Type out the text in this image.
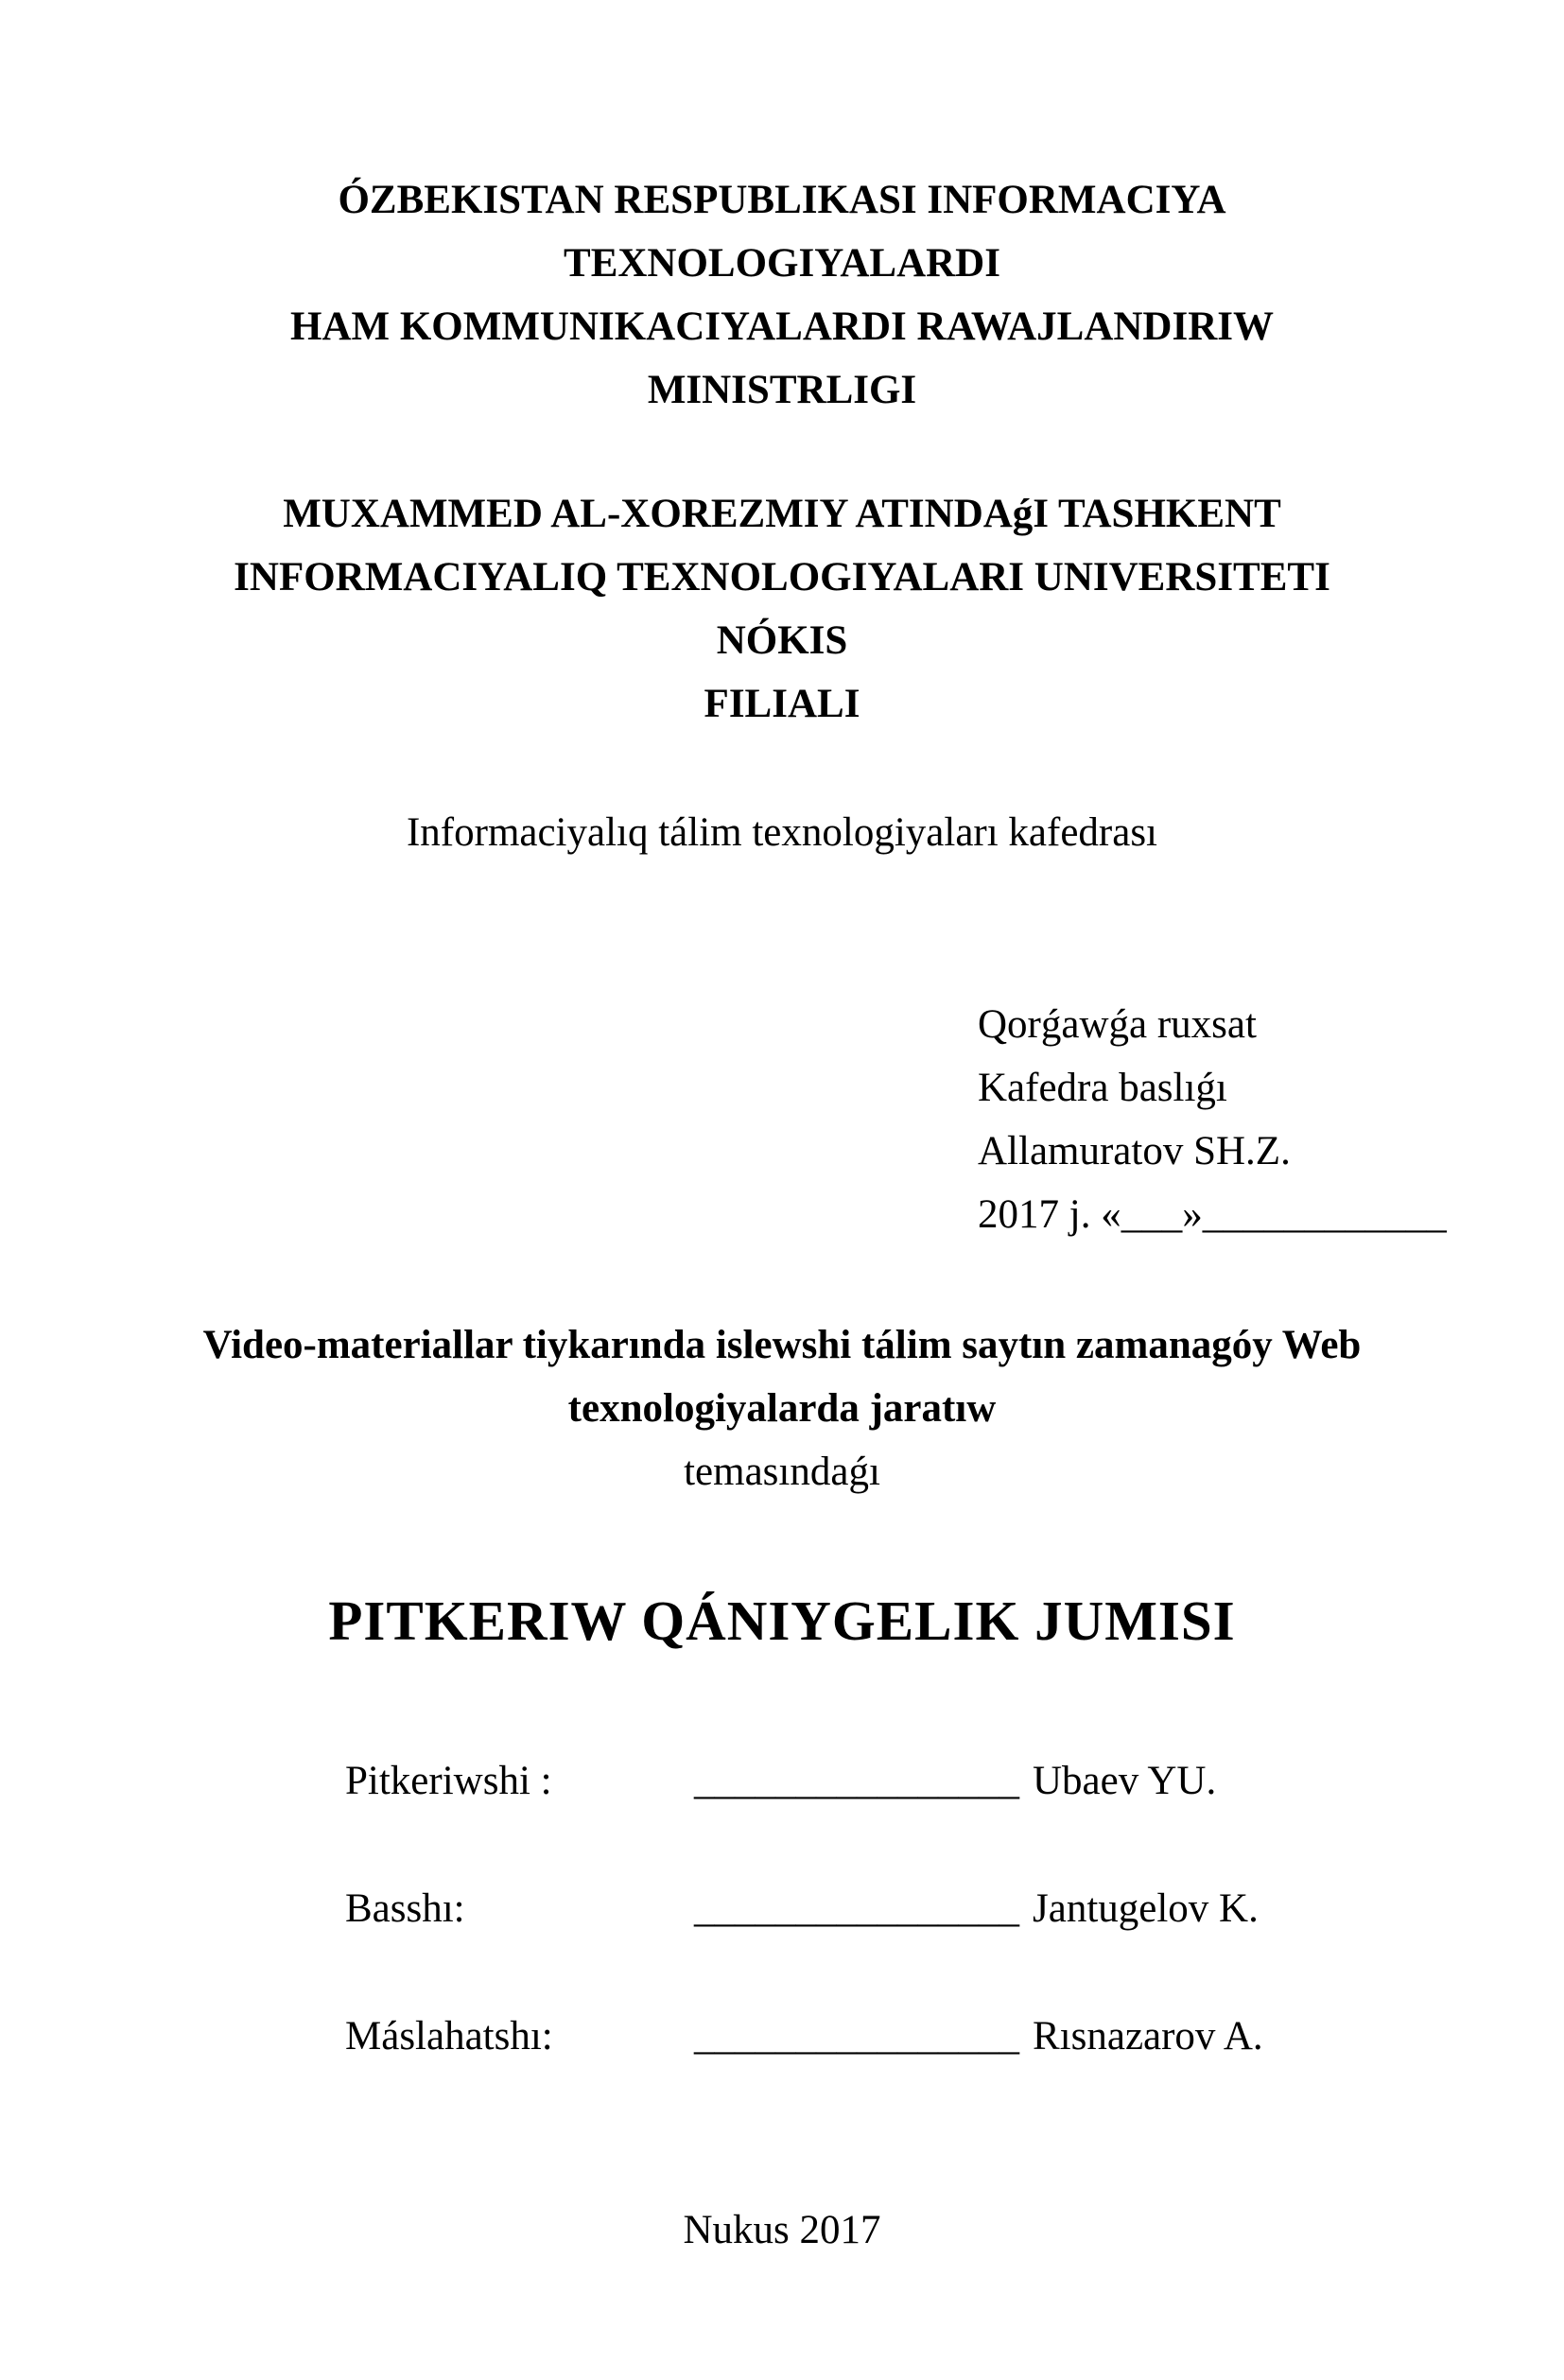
ÓZBEKISTAN RESPUBLIKASI INFORMACIYA TEXNOLOGIYALARDI
HAM KOMMUNIKACIYALARDI RAWAJLANDIRIW MINISTRLIGI
MUXAMMED AL-XOREZMIY ATINDAǵI TASHKENT
INFORMACIYALIQ TEXNOLOGIYALARI UNIVERSITETI NÓKIS
FILIALI
Informaciyalıq tálim texnologiyaları kafedrası
Qorǵawǵa ruxsat
Kafedra baslıǵı
Allamuratov SH.Z.
2017 j. «___»____________
Video-materiallar tiykarında islewshi tálim saytın zamanagóy Web
texnologiyalarda jaratıw
temasındaǵı
PITKERIW QÁNIYGELIK JUMISI
Pitkeriwshi :	________________ Ubaev YU.
Basshı:	________________ Jantugelov K.
Máslahatshı:	________________ Rısnazarov A.
Nukus 2017
